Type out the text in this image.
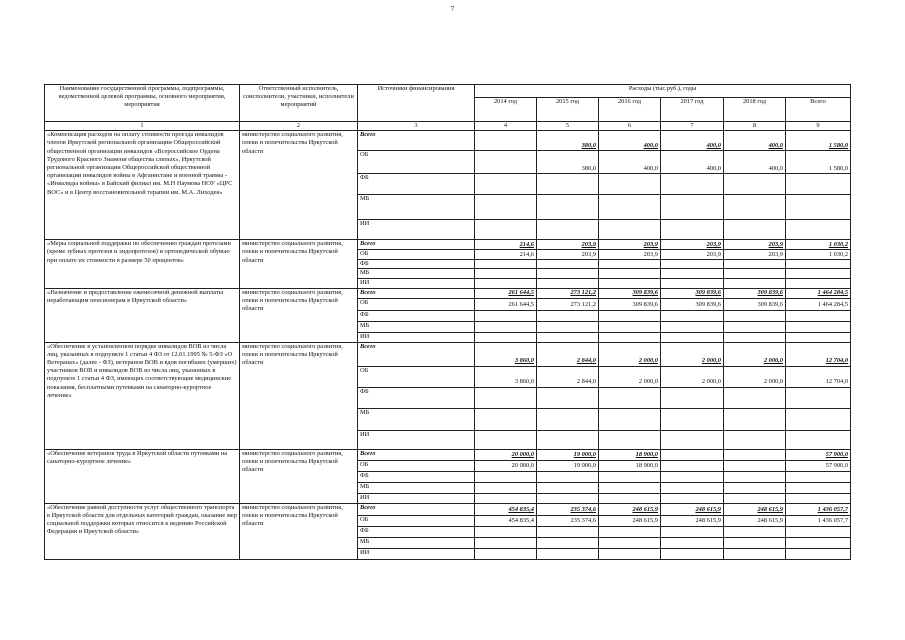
7
Наименование государственной программы, подпрограммы, ведомственной целевой программы, основного мероприятия, мероприятия	Ответственный исполнитель, соисполнители, участники, исполнители мероприятий	Источники финансирования	Расходы (тыс.руб.), годы					
			2014 год	2015 год	2016 год	2017 год	2018 год	Всего
1	2	3	4	5	6	7	8	9
«Компенсация расходов на оплату стоимости проезда инвалидов членов Иркутской региональной организации Общероссийской общественной организации инвалидов «Всероссийское Ордена Трудового Красного Знамени общества слепых», Иркутской региональной организации Общероссийской общественной организации инвалидов войны в Афганистане и военной травмы - «Инвалиды войны» в Байский филиал им. М.Н Наумова НОУ «ЦРС ВОС» и в Центр восстановительной терапии им. М.А. Лиходея»	министерство социального развития, опеки и попечительства Иркутской области	Всего		380,0	400,0	400,0	400,0	1 580,0
		ОБ		380,0	400,0	400,0	400,0	1 580,0
		ФБ						
		МБ						
		ИИ						
«Меры социальной поддержки по обеспечению граждан протезами (кроме зубных протезов и эндопротезов) и ортопедической обувью при оплате их стоимости в размере 50 процентов»	министерство социального развития, опеки и попечительства Иркутской области	Всего	214,6	203,9	203,9	203,9	203,9	1 030,2
		ОБ	214,6	203,9	203,9	203,9	203,9	1 030,2
		ФБ						
		МБ						
		ИИ						
«Назначение и предоставление ежемесячной денежной выплаты неработающим пенсионерам в Иркутской области»	министерство социального развития, опеки и попечительства Иркутской области	Всего	261 644,5	273 121,2	309 839,6	309 839,6	309 839,6	1 464 284,5
		ОБ	261 644,5	273 121,2	309 839,6	309 839,6	309 839,6	1 464 284,5
		ФБ						
		МБ						
		ИИ						
«Обеспечение в установленном порядке инвалидов ВОВ из числа лиц, указанных в подпункте 1 статьи 4 ФЗ от 12.01.1995 № 5-ФЗ «О Ветеранах» (далее - ФЗ), ветеранов ВОВ и вдов погибших (умерших) участников ВОВ и инвалидов ВОВ из числа лиц, указанных в подпункте 1 статьи 4 ФЗ, имеющих соответствующие медицинские показания, бесплатными путевками на санаторно-курортное лечение»	министерство социального развития, опеки и попечительства Иркутской области	Всего	3 860,0	2 844,0	2 000,0	2 000,0	2 000,0	12 704,0
		ОБ	3 860,0	2 844,0	2 000,0	2 000,0	2 000,0	12 704,0
		ФБ						
		МБ						
		ИИ						
«Обеспечение ветеранов труда в Иркутской области путевками на санаторно-курортное лечение»	министерство социального развития, опеки и попечительства Иркутской области	Всего	20 000,0	19 000,0	18 900,0			57 900,0
		ОБ	20 000,0	19 000,0	18 900,0			57 900,0
		ФБ						
		МБ						
		ИИ						
«Обеспечение равной доступности услуг общественного транспорта в Иркутской области для отдельных категорий граждан, оказание мер социальной поддержки которых относится к ведению Российской Федерации и Иркутской области»	министерство социального развития, опеки и попечительства Иркутской области	Всего	454 835,4	235 374,6	248 615,9	248 615,9	248 615,9	1 436 057,7
		ОБ	454 835,4	235 374,6	248 615,9	248 615,9	248 615,9	1 436 057,7
		ФБ						
		МБ						
		ИИ						
